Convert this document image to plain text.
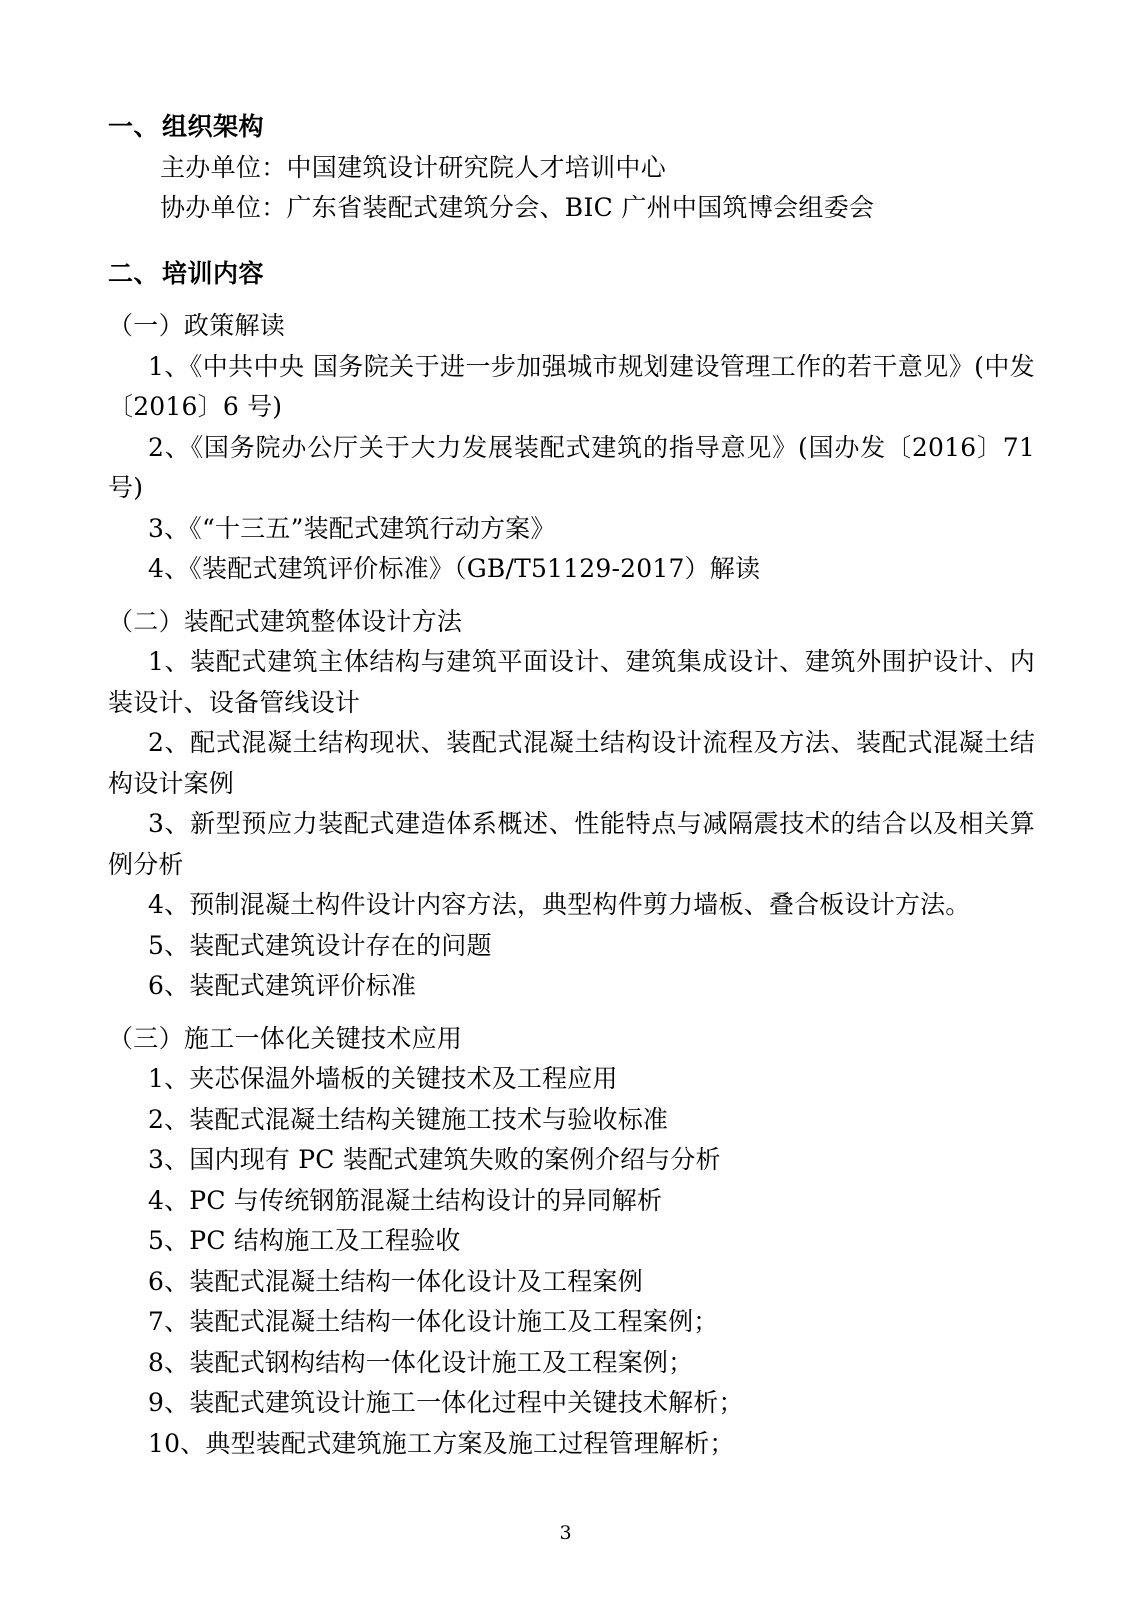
一、 组织架构

主办单位：中国建筑设计研究院人才培训中心

协办单位：广东省装配式建筑分会、BIC 广州中国筑博会组委会

二、 培训内容

（一）政策解读

1、《中共中央 国务院关于进一步加强城市规划建设管理工作的若干意见》(中发〔2016〕6 号)

2、《国务院办公厅关于大力发展装配式建筑的指导意见》(国办发〔2016〕71 号)

3、《“十三五”装配式建筑行动方案》

4、《装配式建筑评价标准》（GB/T51129-2017）解读

（二）装配式建筑整体设计方法

1、装配式建筑主体结构与建筑平面设计、建筑集成设计、建筑外围护设计、内装设计、设备管线设计

2、配式混凝土结构现状、装配式混凝土结构设计流程及方法、装配式混凝土结构设计案例

3、新型预应力装配式建造体系概述、性能特点与减隔震技术的结合以及相关算例分析

4、预制混凝土构件设计内容方法，典型构件剪力墙板、叠合板设计方法。

5、装配式建筑设计存在的问题

6、装配式建筑评价标准

（三）施工一体化关键技术应用

1、夹芯保温外墙板的关键技术及工程应用

2、装配式混凝土结构关键施工技术与验收标准

3、国内现有 PC 装配式建筑失败的案例介绍与分析

4、PC 与传统钢筋混凝土结构设计的异同解析

5、PC 结构施工及工程验收

6、装配式混凝土结构一体化设计及工程案例

7、装配式混凝土结构一体化设计施工及工程案例；

8、装配式钢构结构一体化设计施工及工程案例；

9、装配式建筑设计施工一体化过程中关键技术解析；

10、典型装配式建筑施工方案及施工过程管理解析；

3
